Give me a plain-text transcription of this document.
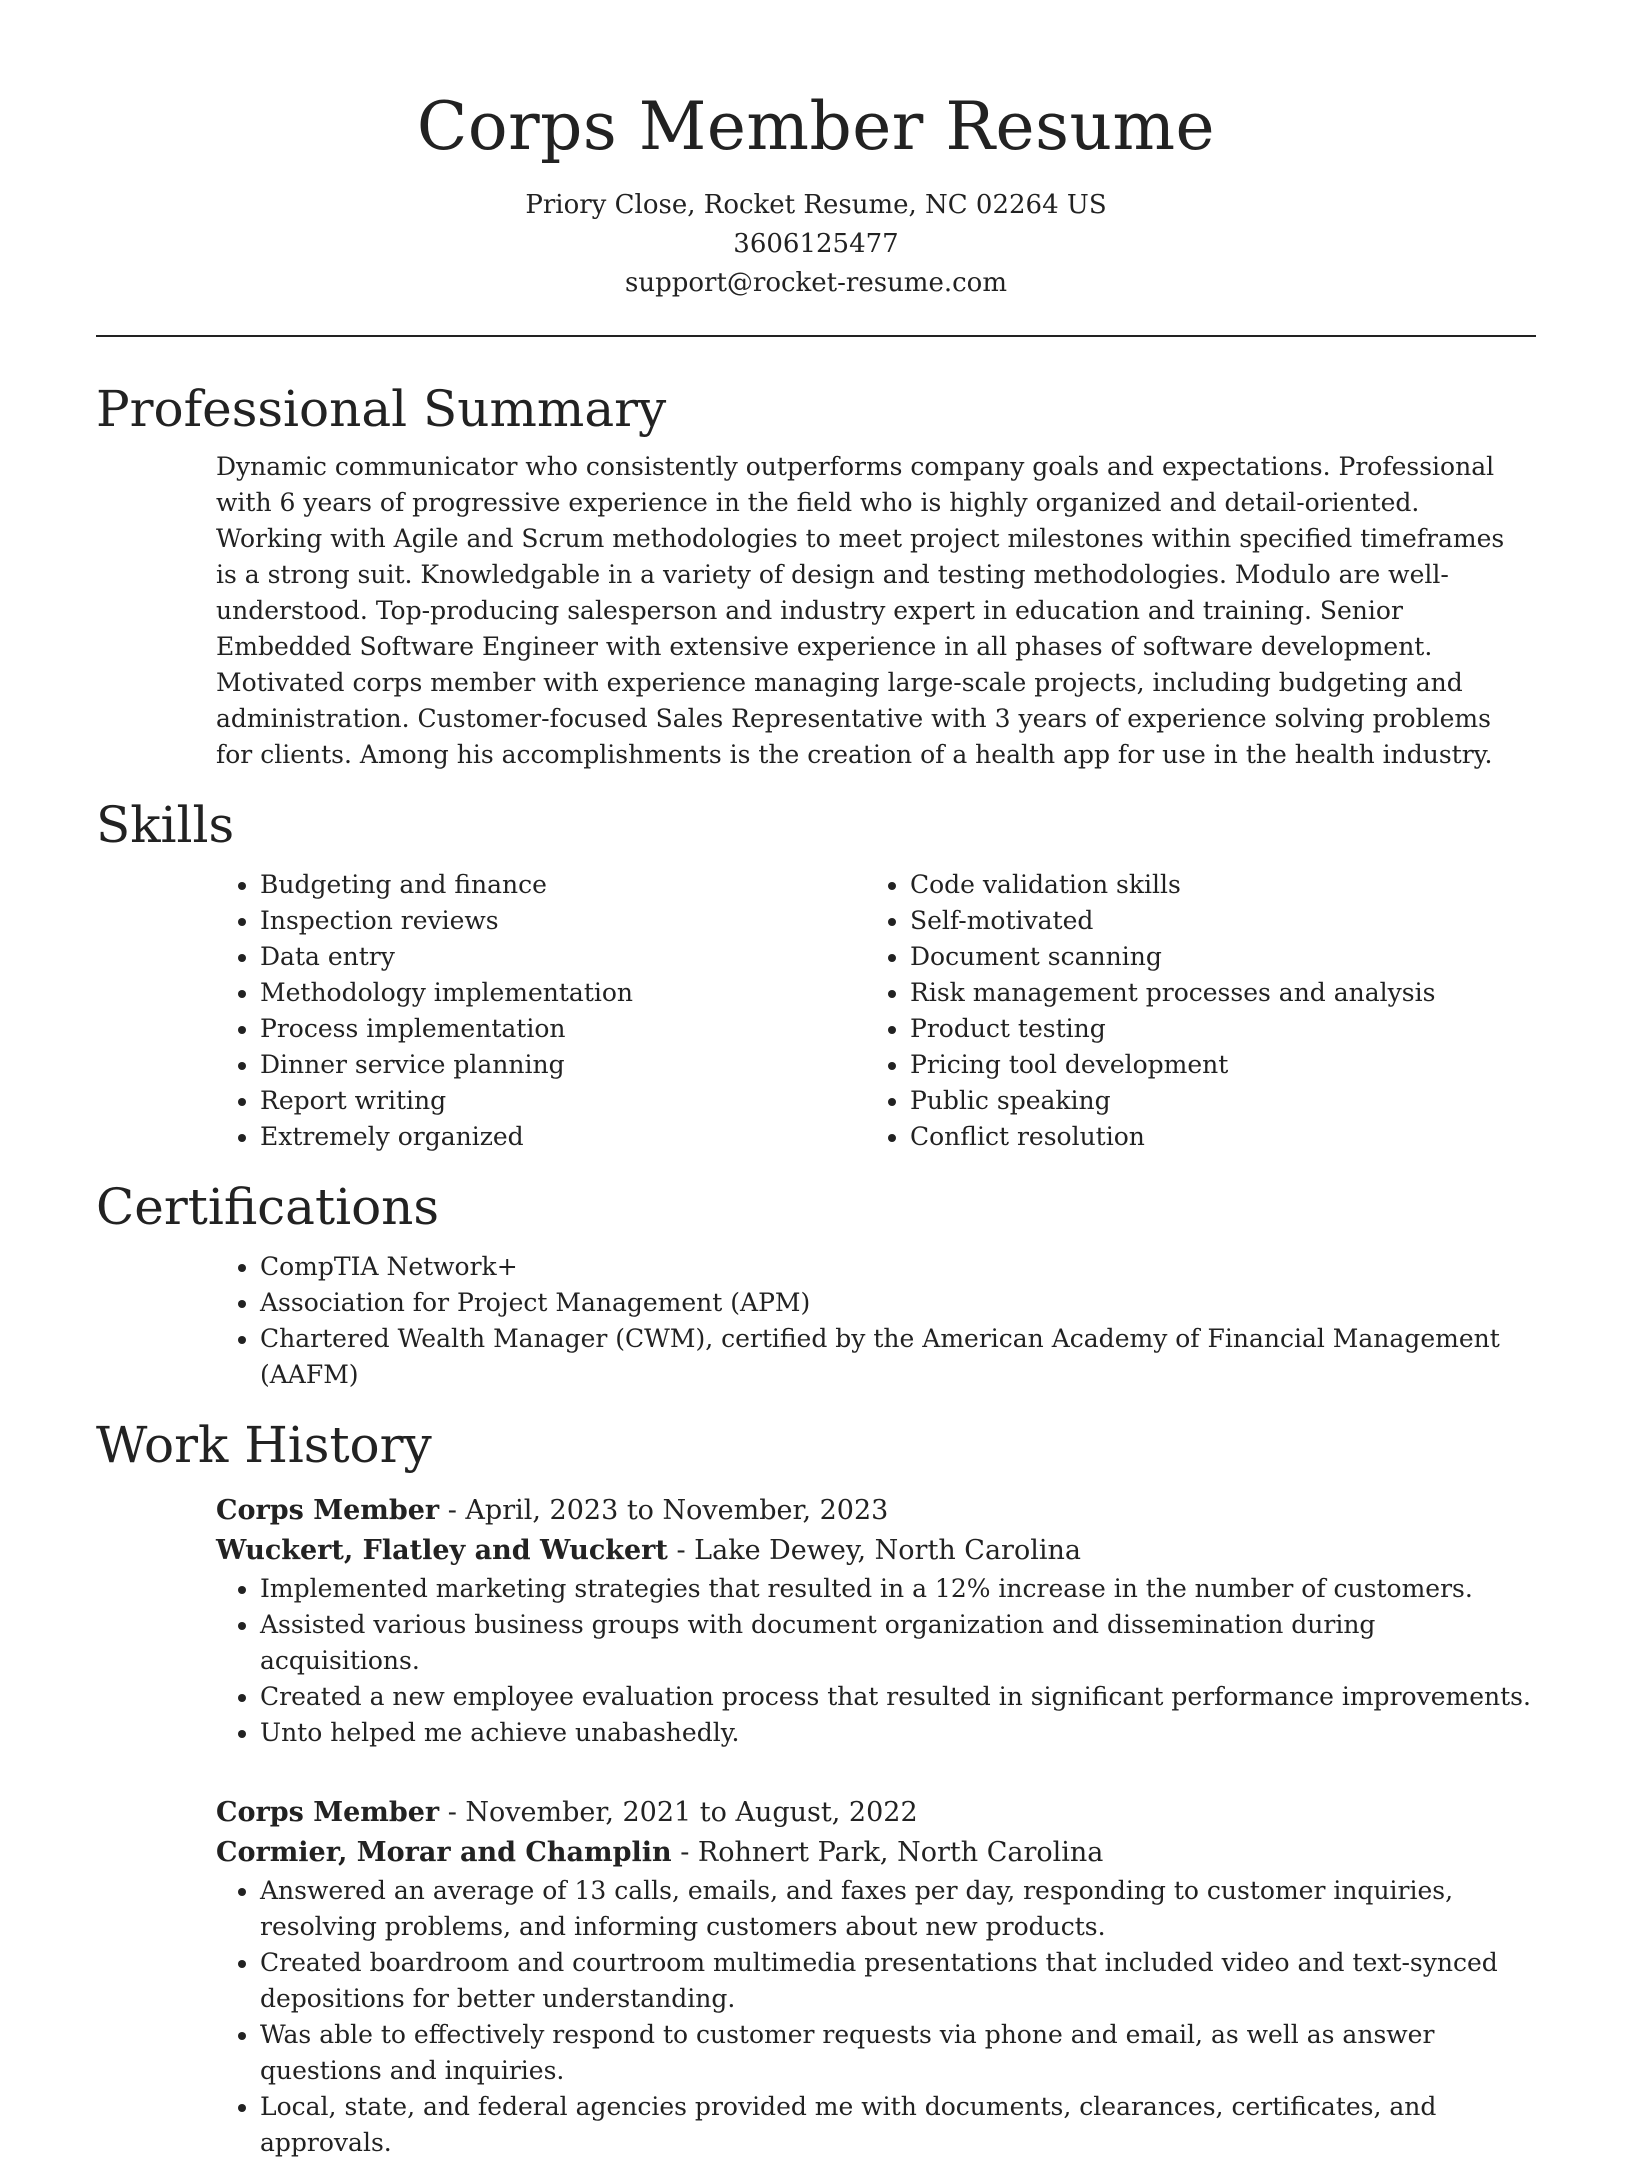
Corps Member Resume

Priory Close, Rocket Resume, NC 02264 US

3606125477

support@rocket-resume.com

Professional Summary

Dynamic communicator who consistently outperforms company goals and expectations. Professional with 6 years of progressive experience in the field who is highly organized and detail-oriented. Working with Agile and Scrum methodologies to meet project milestones within specified timeframes is a strong suit. Knowledgable in a variety of design and testing methodologies. Modulo are well-understood. Top-producing salesperson and industry expert in education and training. Senior Embedded Software Engineer with extensive experience in all phases of software development. Motivated corps member with experience managing large-scale projects, including budgeting and administration. Customer-focused Sales Representative with 3 years of experience solving problems for clients. Among his accomplishments is the creation of a health app for use in the health industry.

Skills
• Budgeting and finance
• Inspection reviews
• Data entry
• Methodology implementation
• Process implementation
• Dinner service planning
• Report writing
• Extremely organized
• Code validation skills
• Self-motivated
• Document scanning
• Risk management processes and analysis
• Product testing
• Pricing tool development
• Public speaking
• Conflict resolution
Certifications
• CompTIA Network+
• Association for Project Management (APM)
• Chartered Wealth Manager (CWM), certified by the American Academy of Financial Management (AAFM)
Work History

Corps Member - April, 2023 to November, 2023

Wuckert, Flatley and Wuckert - Lake Dewey, North Carolina

• Implemented marketing strategies that resulted in a 12% increase in the number of customers.
• Assisted various business groups with document organization and dissemination during acquisitions.
• Created a new employee evaluation process that resulted in significant performance improvements.
• Unto helped me achieve unabashedly.

Corps Member - November, 2021 to August, 2022

Cormier, Morar and Champlin - Rohnert Park, North Carolina

• Answered an average of 13 calls, emails, and faxes per day, responding to customer inquiries, resolving problems, and informing customers about new products.
• Created boardroom and courtroom multimedia presentations that included video and text-synced depositions for better understanding.
• Was able to effectively respond to customer requests via phone and email, as well as answer questions and inquiries.
• Local, state, and federal agencies provided me with documents, clearances, certificates, and approvals.
